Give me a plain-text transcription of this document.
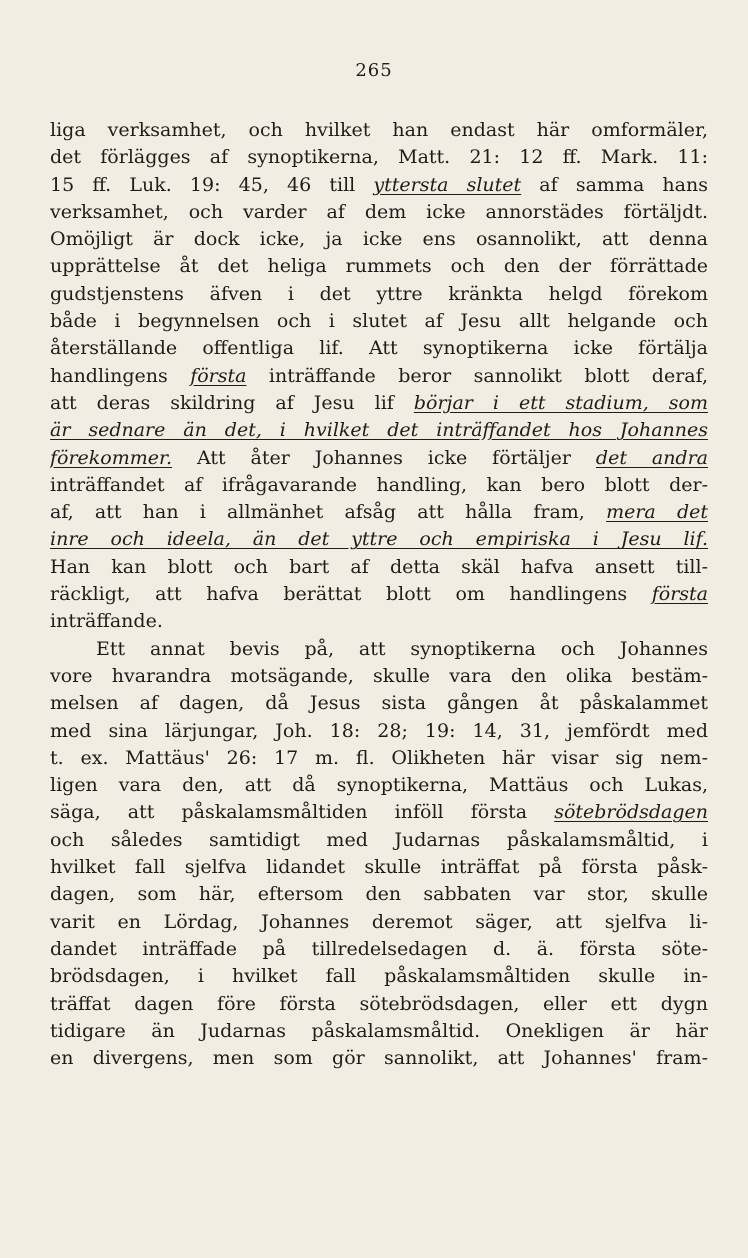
265
liga verksamhet, och hvilket han endast här omformäler,
det förlägges af synoptikerna, Matt. 21: 12 ff. Mark. 11:
15 ff. Luk. 19: 45, 46 till yttersta slutet af samma hans
verksamhet, och varder af dem icke annorstädes förtäljdt.
Omöjligt är dock icke, ja icke ens osannolikt, att denna
upprättelse åt det heliga rummets och den der förrättade
gudstjenstens äfven i det yttre kränkta helgd förekom
både i begynnelsen och i slutet af Jesu allt helgande och
återställande offentliga lif. Att synoptikerna icke förtälja
handlingens första inträffande beror sannolikt blott deraf,
att deras skildring af Jesu lif börjar i ett stadium, som
är sednare än det, i hvilket det inträffandet hos Johannes
förekommer. Att åter Johannes icke förtäljer det andra
inträffandet af ifrågavarande handling, kan bero blott der-
af, att han i allmänhet afsåg att hålla fram, mera det
inre och ideela, än det yttre och empiriska i Jesu lif.
Han kan blott och bart af detta skäl hafva ansett till-
räckligt, att hafva berättat blott om handlingens första
inträffande.
Ett annat bevis på, att synoptikerna och Johannes
vore hvarandra motsägande, skulle vara den olika bestäm-
melsen af dagen, då Jesus sista gången åt påskalammet
med sina lärjungar, Joh. 18: 28; 19: 14, 31, jemfördt med
t. ex. Mattäus' 26: 17 m. fl. Olikheten här visar sig nem-
ligen vara den, att då synoptikerna, Mattäus och Lukas,
säga, att påskalamsmåltiden inföll första sötebrödsdagen
och således samtidigt med Judarnas påskalamsmåltid, i
hvilket fall sjelfva lidandet skulle inträffat på första påsk-
dagen, som här, eftersom den sabbaten var stor, skulle
varit en Lördag, Johannes deremot säger, att sjelfva li-
dandet inträffade på tillredelsedagen d. ä. första söte-
brödsdagen, i hvilket fall påskalamsmåltiden skulle in-
träffat dagen före första sötebrödsdagen, eller ett dygn
tidigare än Judarnas påskalamsmåltid. Onekligen är här
en divergens, men som gör sannolikt, att Johannes' fram-
